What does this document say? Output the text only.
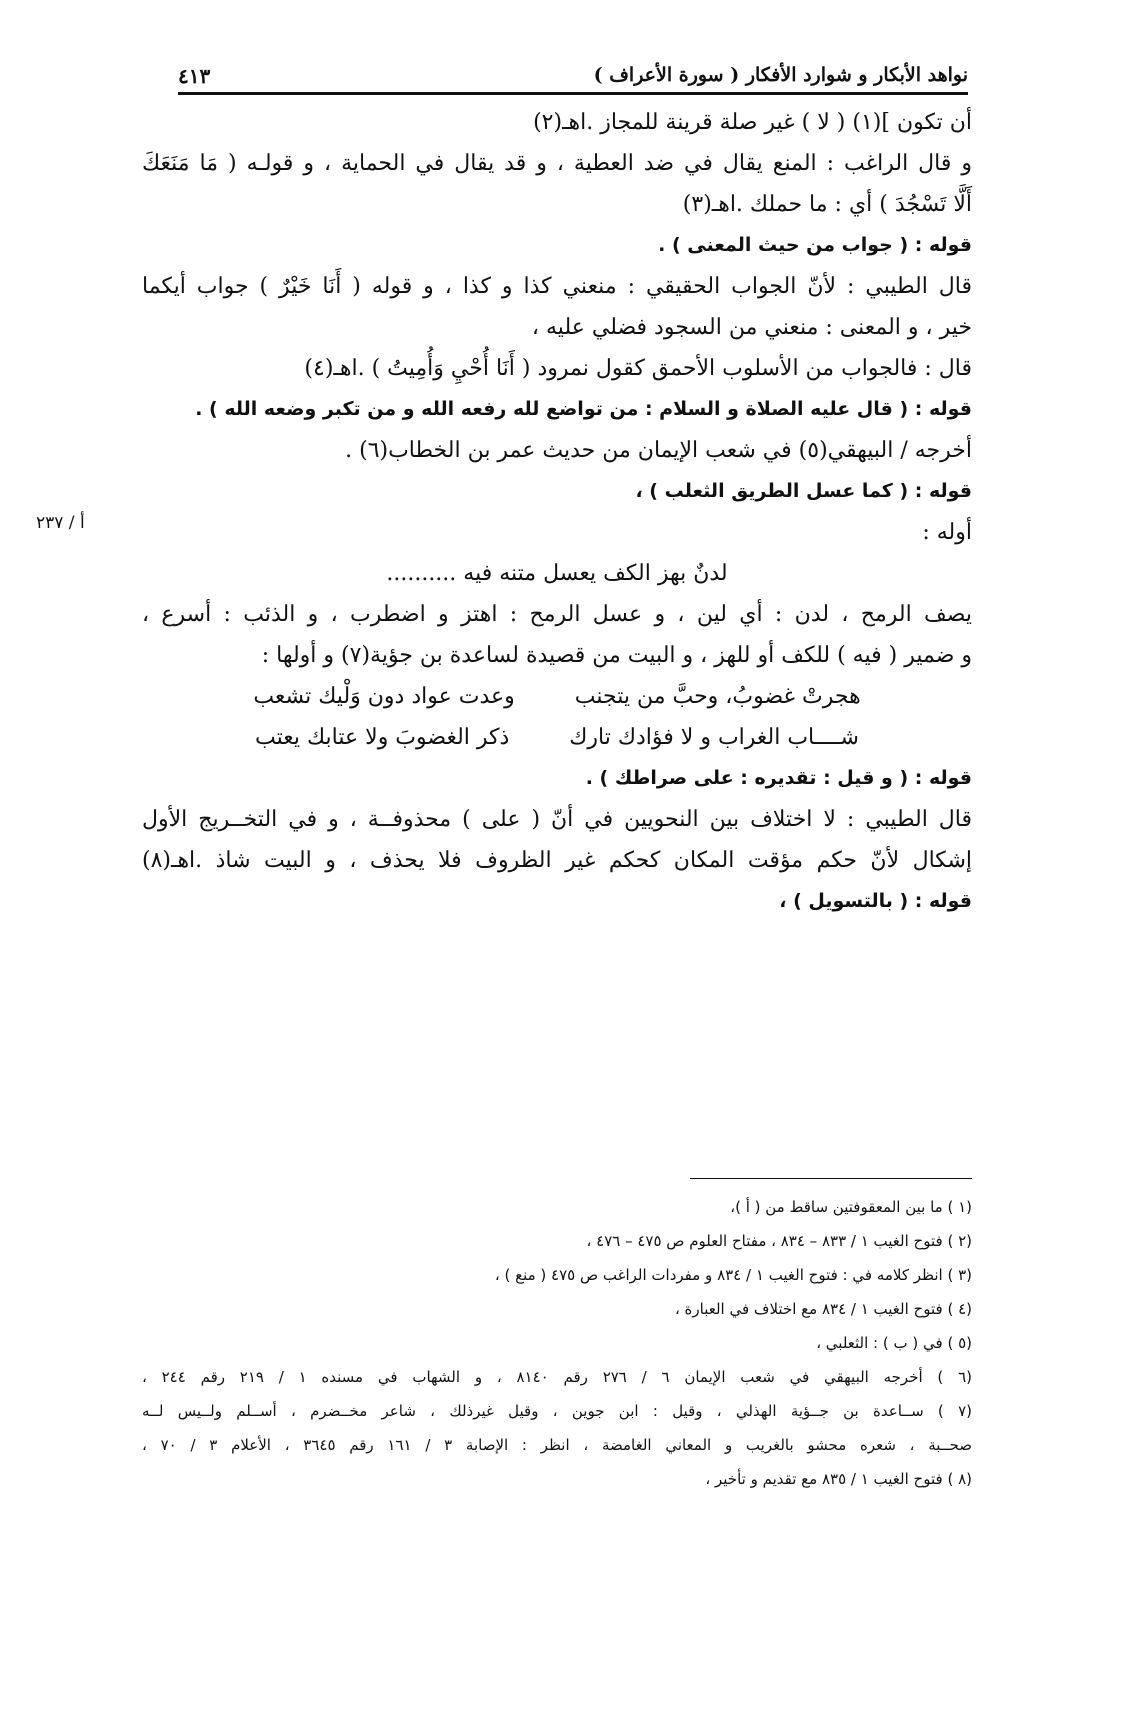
نواهد الأبكار و شوارد الأفكار ( سورة الأعراف )
٤١٣
أ / ٢٣٧
أن تكون ](١) ( لا ) غير صلة قرينة للمجاز .اهـ(٢)
و قال الراغب : المنع يقال في ضد العطية ، و قد يقال في الحماية ، و قولـه ( مَا مَنَعَكَ
أَلَّا تَسْجُدَ ) أي : ما حملك .اهـ(٣)
قوله : ( جواب من حيث المعنى ) .
قال الطيبي : لأنّ الجواب الحقيقي : منعني كذا و كذا ، و قوله ( أَنَا خَيْرٌ ) جواب أيكما
خير ، و المعنى : منعني من السجود فضلي عليه ،
قال : فالجواب من الأسلوب الأحمق كقول نمرود ( أَنَا أُحْيِ وَأُمِيتُ ) .اهـ(٤)
قوله : ( قال عليه الصلاة و السلام : من تواضع لله رفعه الله و من تكبر وضعه الله ) .
أخرجه / البيهقي(٥) في شعب الإيمان من حديث عمر بن الخطاب(٦) .
قوله : ( كما عسل الطريق الثعلب ) ،
أوله :
لدنٌ بهز الكف يعسل متنه فيه ..........
يصف الرمح ، لدن : أي لين ، و عسل الرمح : اهتز و اضطرب ، و الذئب : أسرع ،
و ضمير ( فيه ) للكف أو للهز ، و البيت من قصيدة لساعدة بن جؤية(٧) و أولها :
هجرتْ غضوبُ، وحبَّ من يتجنب
وعدت عواد دون وَلْيك تشعب
شــــاب الغراب و لا فؤادك تارك
ذكر الغضوبَ ولا عتابك يعتب
قوله : ( و قيل : تقديره : على صراطك ) .
قال الطيبي : لا اختلاف بين النحويين في أنّ ( على ) محذوفــة ، و في التخــريج الأول
إشكال لأنّ حكم مؤقت المكان كحكم غير الظروف فلا يحذف ، و البيت شاذ .اهـ(٨)
قوله : ( بالتسويل ) ،
(١ ) ما بين المعقوفتين ساقط من ( أ )،
(٢ ) فتوح الغيب ١ / ٨٣٣ – ٨٣٤ ، مفتاح العلوم ص ٤٧٥ – ٤٧٦ ،
(٣ ) انظر كلامه في : فتوح الغيب ١ / ٨٣٤ و مفردات الراغب ص ٤٧٥ ( منع ) ،
(٤ ) فتوح الغيب ١ / ٨٣٤ مع اختلاف في العبارة ،
(٥ ) في ( ب ) : الثعلبي ،
(٦ ) أخرجه البيهقي في شعب الإيمان ٦ / ٢٧٦ رقم ٨١٤٠ ، و الشهاب في مسنده ١ / ٢١٩ رقم ٢٤٤ ،
(٧ ) ســاعدة بن جــؤية الهذلي ، وقيل : ابن جوين ، وقيل غيرذلك ، شاعر مخــضرم ، أســلم ولــيس لــه
صحــبة ، شعره محشو بالغريب و المعاني الغامضة ، انظر : الإصابة ٣ / ١٦١ رقم ٣٦٤٥ ، الأعلام ٣ / ٧٠ ،
(٨ ) فتوح الغيب ١ / ٨٣٥ مع تقديم و تأخير ،
